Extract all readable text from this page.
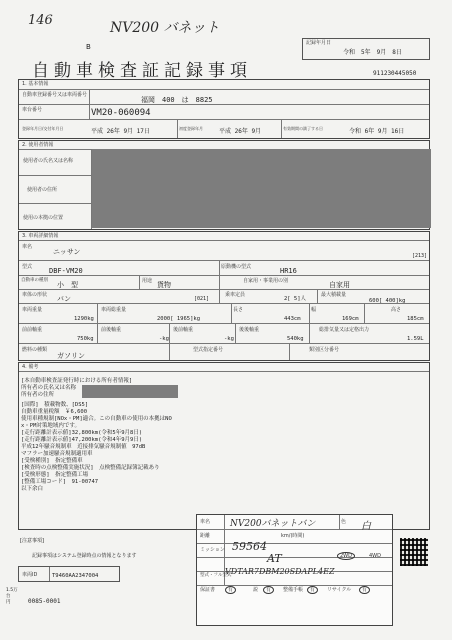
146	NV200 バネット
B	記録年月日
令和　5年　9月　8日
自動車検査証記録事項	911230445050
1. 基本情報
自動車登録番号又は車両番号
福岡　400　は　8825
車台番号	VM20-060094
登録年月日/交付年月日	平成 26年 9月 17日	初度登録年月	平成 26年 9月	有効期間の満了する日	令和 6年 9月 16日
2. 使用者情報
使用者の氏名又は名称
使用者の住所
使用の本拠の位置
3. 車両詳細情報
車名
ニッサン	[213]
型式 DBF-VM20	原動機の型式	HR16
自動車の種別
小　型	用途 貨物	自家用・事業用の別	自家用
車体の形状 バン	[021]
乗車定員
2[ 5]人
最大積載量
600[ 400]kg
車両重量
1290kg
車両総重量
2000[ 1965]kg
長さ
443cm
幅
169cm
高さ
185cm
前前軸重
750kg
前後軸重
-kg
後前軸重
-kg
後後軸重
540kg
総排気量又は定格出力
1.59L
燃料の種類
ガソリン
型式指定番号	類別区分番号
4. 備考
[本自動車検査証発行時における所有者情報]
所有者の氏名又は名称
所有者の住所
[国際]　積載物数、[DS5]
自動車重量税額　￥6,600
使用車種規制[NOx・PM]適合。この自動車の使用の本拠はNO
x・PM対策地域内です。
[走行距離計表示値]32,800km(令和5年9月8日)
[走行距離計表示値]47,200km(令和4年9月9日)
平成12年騒音規制車　近接排気騒音規制値　97dB
マフラー加速騒音規制適用車
[受検種別]　指定整備車
[検査時の点検整備実施状況]　点検整備記録簿記載あり
[受検形態]　指定整備工場
[整備工場コード]　91-00747
以下余白
[注意事項]
記録事項はシステム登録時点の情報となります
車両ID	T9460AA2347004
1.5万
台
円	0085-0001
車名 NV200バネットバン	色 白
距離	km/(時間)
59564
ミッション
AT	2WD	4WD
型式・フル型式
VDTAR7DBM20SDAPL4EZ
保証書	有	説	有	整備手帳	有	リサイクル	有
